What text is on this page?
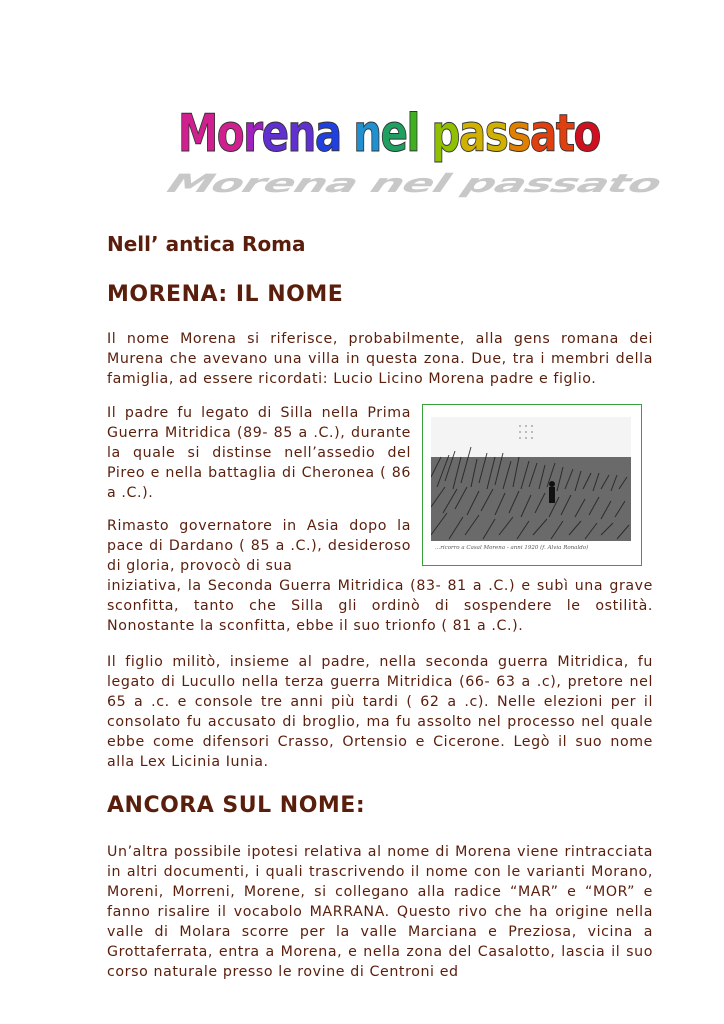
Morena nel passato
Morena nel passato
Nell’ antica Roma
MORENA: IL NOME

Il nome Morena si riferisce, probabilmente, alla gens romana dei Murena che avevano una villa in questa zona. Due, tra i membri della famiglia, ad essere ricordati: Lucio Licino Morena padre e figlio.

Il padre fu legato di Silla nella Prima Guerra Mitridica (89- 85 a .C.), durante la quale si distinse nell’assedio del Pireo e nella battaglia di Cheronea ( 86 a .C.).

Rimasto governatore in Asia dopo la pace di Dardano ( 85 a .C.), desideroso di gloria, provocò di sua

...ricorro a Casal Morena - anni 1920 (f. Alvia Ronaldo)

iniziativa, la Seconda Guerra Mitridica (83- 81 a .C.) e subì una grave sconfitta, tanto che Silla gli ordinò di sospendere le ostilità. Nonostante la sconfitta, ebbe il suo trionfo ( 81 a .C.).

Il figlio militò, insieme al padre, nella seconda guerra Mitridica, fu legato di Lucullo nella terza guerra Mitridica (66- 63 a .c), pretore nel 65 a .c. e console tre anni più tardi ( 62 a .c). Nelle elezioni per il consolato fu accusato di broglio, ma fu assolto nel processo nel quale ebbe come difensori Crasso, Ortensio e Cicerone. Legò il suo nome alla Lex Licinia Iunia.

ANCORA SUL NOME:

Un’altra possibile ipotesi relativa al nome di Morena viene rintracciata in altri documenti, i quali trascrivendo il nome con le varianti Morano, Moreni, Morreni, Morene, si collegano alla radice “MAR” e “MOR” e fanno risalire il vocabolo MARRANA. Questo rivo che ha origine nella valle di Molara scorre per la valle Marciana e Preziosa, vicina a Grottaferrata, entra a Morena, e nella zona del Casalotto, lascia il suo corso naturale presso le rovine di Centroni ed
